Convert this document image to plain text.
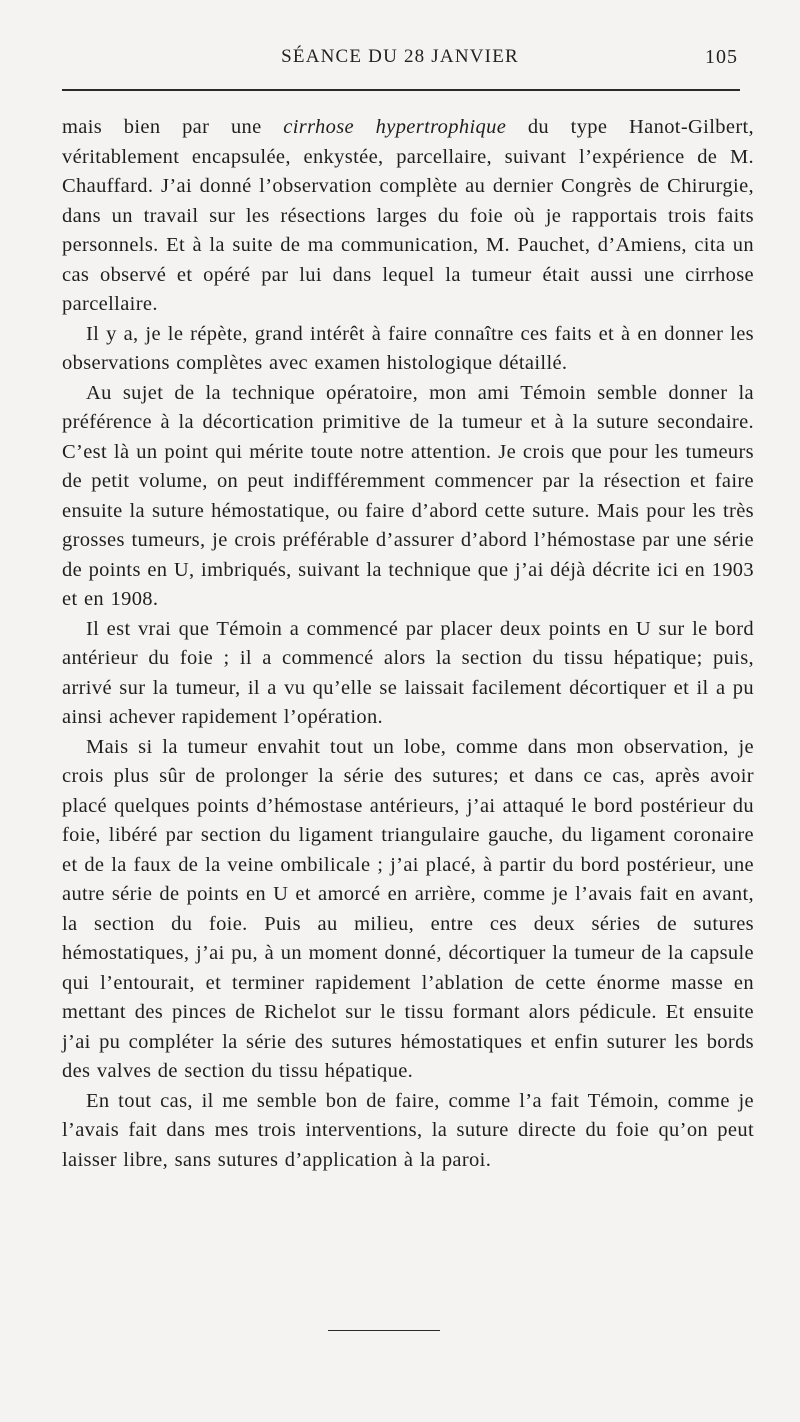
SÉANCE DU 28 JANVIER	105

mais bien par une cirrhose hypertrophique du type Hanot-Gilbert, véritablement encapsulée, enkystée, parcellaire, suivant l’expérience de M. Chauffard. J’ai donné l’observation complète au dernier Congrès de Chirurgie, dans un travail sur les résections larges du foie où je rapportais trois faits personnels. Et à la suite de ma communication, M. Pauchet, d’Amiens, cita un cas observé et opéré par lui dans lequel la tumeur était aussi une cirrhose parcellaire.

Il y a, je le répète, grand intérêt à faire connaître ces faits et à en donner les observations complètes avec examen histologique détaillé.

Au sujet de la technique opératoire, mon ami Témoin semble donner la préférence à la décortication primitive de la tumeur et à la suture secondaire. C’est là un point qui mérite toute notre attention. Je crois que pour les tumeurs de petit volume, on peut indifféremment commencer par la résection et faire ensuite la suture hémostatique, ou faire d’abord cette suture. Mais pour les très grosses tumeurs, je crois préférable d’assurer d’abord l’hémostase par une série de points en U, imbriqués, suivant la technique que j’ai déjà décrite ici en 1903 et en 1908.

Il est vrai que Témoin a commencé par placer deux points en U sur le bord antérieur du foie ; il a commencé alors la section du tissu hépatique; puis, arrivé sur la tumeur, il a vu qu’elle se laissait facilement décortiquer et il a pu ainsi achever rapidement l’opération.

Mais si la tumeur envahit tout un lobe, comme dans mon observation, je crois plus sûr de prolonger la série des sutures; et dans ce cas, après avoir placé quelques points d’hémostase antérieurs, j’ai attaqué le bord postérieur du foie, libéré par section du ligament triangulaire gauche, du ligament coronaire et de la faux de la veine ombilicale ; j’ai placé, à partir du bord postérieur, une autre série de points en U et amorcé en arrière, comme je l’avais fait en avant, la section du foie. Puis au milieu, entre ces deux séries de sutures hémostatiques, j’ai pu, à un moment donné, décortiquer la tumeur de la capsule qui l’entourait, et terminer rapidement l’ablation de cette énorme masse en mettant des pinces de Richelot sur le tissu formant alors pédicule. Et ensuite j’ai pu compléter la série des sutures hémostatiques et enfin suturer les bords des valves de section du tissu hépatique.

En tout cas, il me semble bon de faire, comme l’a fait Témoin, comme je l’avais fait dans mes trois interventions, la suture directe du foie qu’on peut laisser libre, sans sutures d’application à la paroi.
